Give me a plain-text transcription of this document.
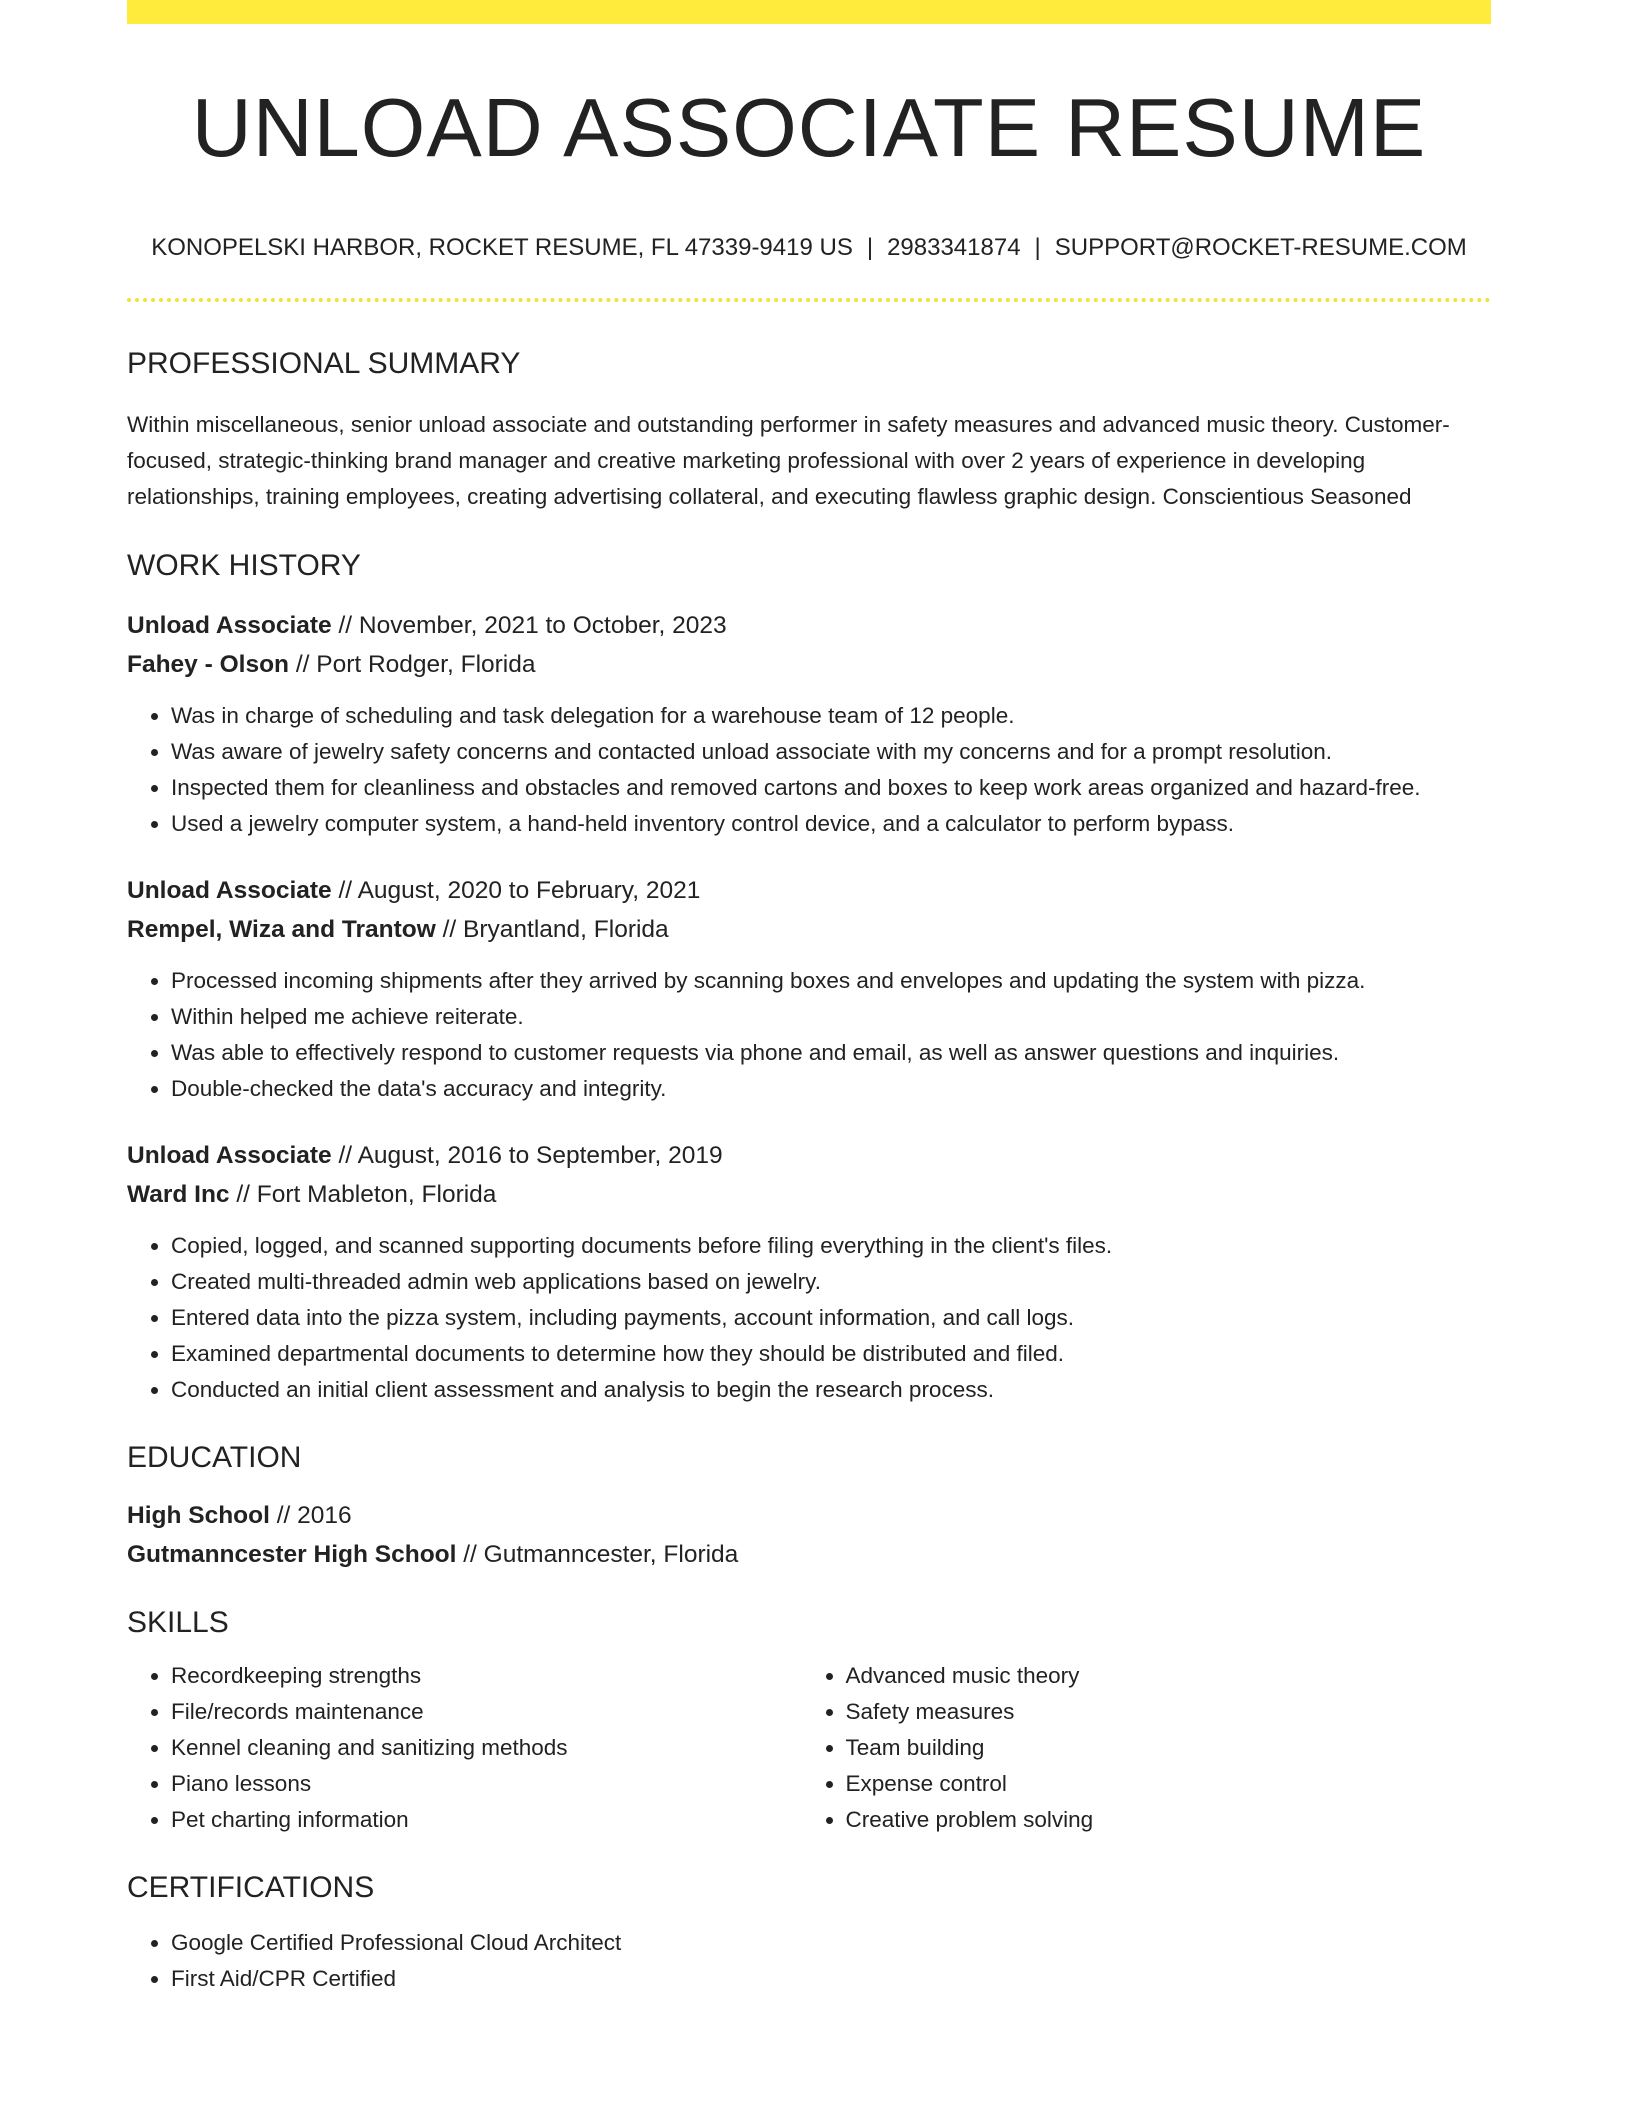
UNLOAD ASSOCIATE RESUME
KONOPELSKI HARBOR, ROCKET RESUME, FL 47339-9419 US | 2983341874 | SUPPORT@ROCKET-RESUME.COM
PROFESSIONAL SUMMARY
Within miscellaneous, senior unload associate and outstanding performer in safety measures and advanced music theory. Customer-focused, strategic-thinking brand manager and creative marketing professional with over 2 years of experience in developing relationships, training employees, creating advertising collateral, and executing flawless graphic design. Conscientious Seasoned
WORK HISTORY
Unload Associate // November, 2021 to October, 2023
Fahey - Olson // Port Rodger, Florida
• Was in charge of scheduling and task delegation for a warehouse team of 12 people.
• Was aware of jewelry safety concerns and contacted unload associate with my concerns and for a prompt resolution.
• Inspected them for cleanliness and obstacles and removed cartons and boxes to keep work areas organized and hazard-free.
• Used a jewelry computer system, a hand-held inventory control device, and a calculator to perform bypass.
Unload Associate // August, 2020 to February, 2021
Rempel, Wiza and Trantow // Bryantland, Florida
• Processed incoming shipments after they arrived by scanning boxes and envelopes and updating the system with pizza.
• Within helped me achieve reiterate.
• Was able to effectively respond to customer requests via phone and email, as well as answer questions and inquiries.
• Double-checked the data's accuracy and integrity.
Unload Associate // August, 2016 to September, 2019
Ward Inc // Fort Mableton, Florida
• Copied, logged, and scanned supporting documents before filing everything in the client's files.
• Created multi-threaded admin web applications based on jewelry.
• Entered data into the pizza system, including payments, account information, and call logs.
• Examined departmental documents to determine how they should be distributed and filed.
• Conducted an initial client assessment and analysis to begin the research process.
EDUCATION
High School // 2016
Gutmanncester High School // Gutmanncester, Florida
SKILLS
• Recordkeeping strengths
• File/records maintenance
• Kennel cleaning and sanitizing methods
• Piano lessons
• Pet charting information
• Advanced music theory
• Safety measures
• Team building
• Expense control
• Creative problem solving
CERTIFICATIONS
• Google Certified Professional Cloud Architect
• First Aid/CPR Certified
